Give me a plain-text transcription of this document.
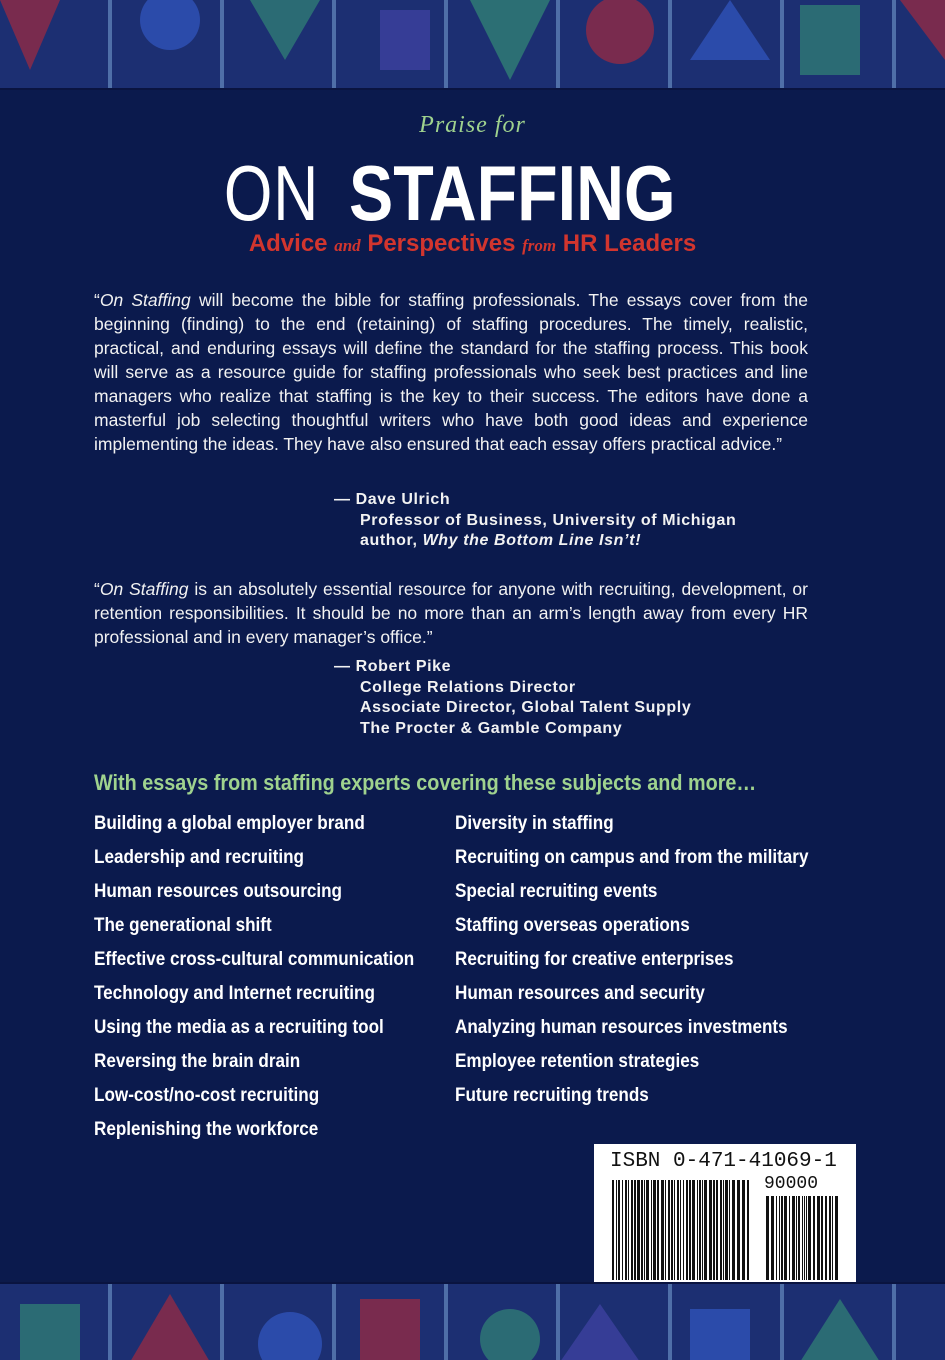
Praise for
ON STAFFING
Advice and Perspectives from HR Leaders
“On Staffing will become the bible for staffing professionals. The essays cover from the beginning (finding) to the end (retaining) of staffing procedures. The timely, realistic, practical, and enduring essays will define the standard for the staffing process. This book will serve as a resource guide for staffing professionals who seek best practices and line managers who realize that staffing is the key to their success. The editors have done a masterful job selecting thoughtful writers who have both good ideas and experience implementing the ideas. They have also ensured that each essay offers practical advice.”
— Dave Ulrich
Professor of Business, University of Michigan
author, Why the Bottom Line Isn’t!
“On Staffing is an absolutely essential resource for anyone with recruiting, development, or retention responsibilities. It should be no more than an arm’s length away from every HR professional and in every manager’s office.”
— Robert Pike
College Relations Director
Associate Director, Global Talent Supply
The Procter & Gamble Company
With essays from staffing experts covering these subjects and more…
Building a global employer brand
Leadership and recruiting
Human resources outsourcing
The generational shift
Effective cross-cultural communication
Technology and Internet recruiting
Using the media as a recruiting tool
Reversing the brain drain
Low-cost/no-cost recruiting
Replenishing the workforce
Diversity in staffing
Recruiting on campus and from the military
Special recruiting events
Staffing overseas operations
Recruiting for creative enterprises
Human resources and security
Analyzing human resources investments
Employee retention strategies
Future recruiting trends
ISBN 0-471-41069-1
90000
